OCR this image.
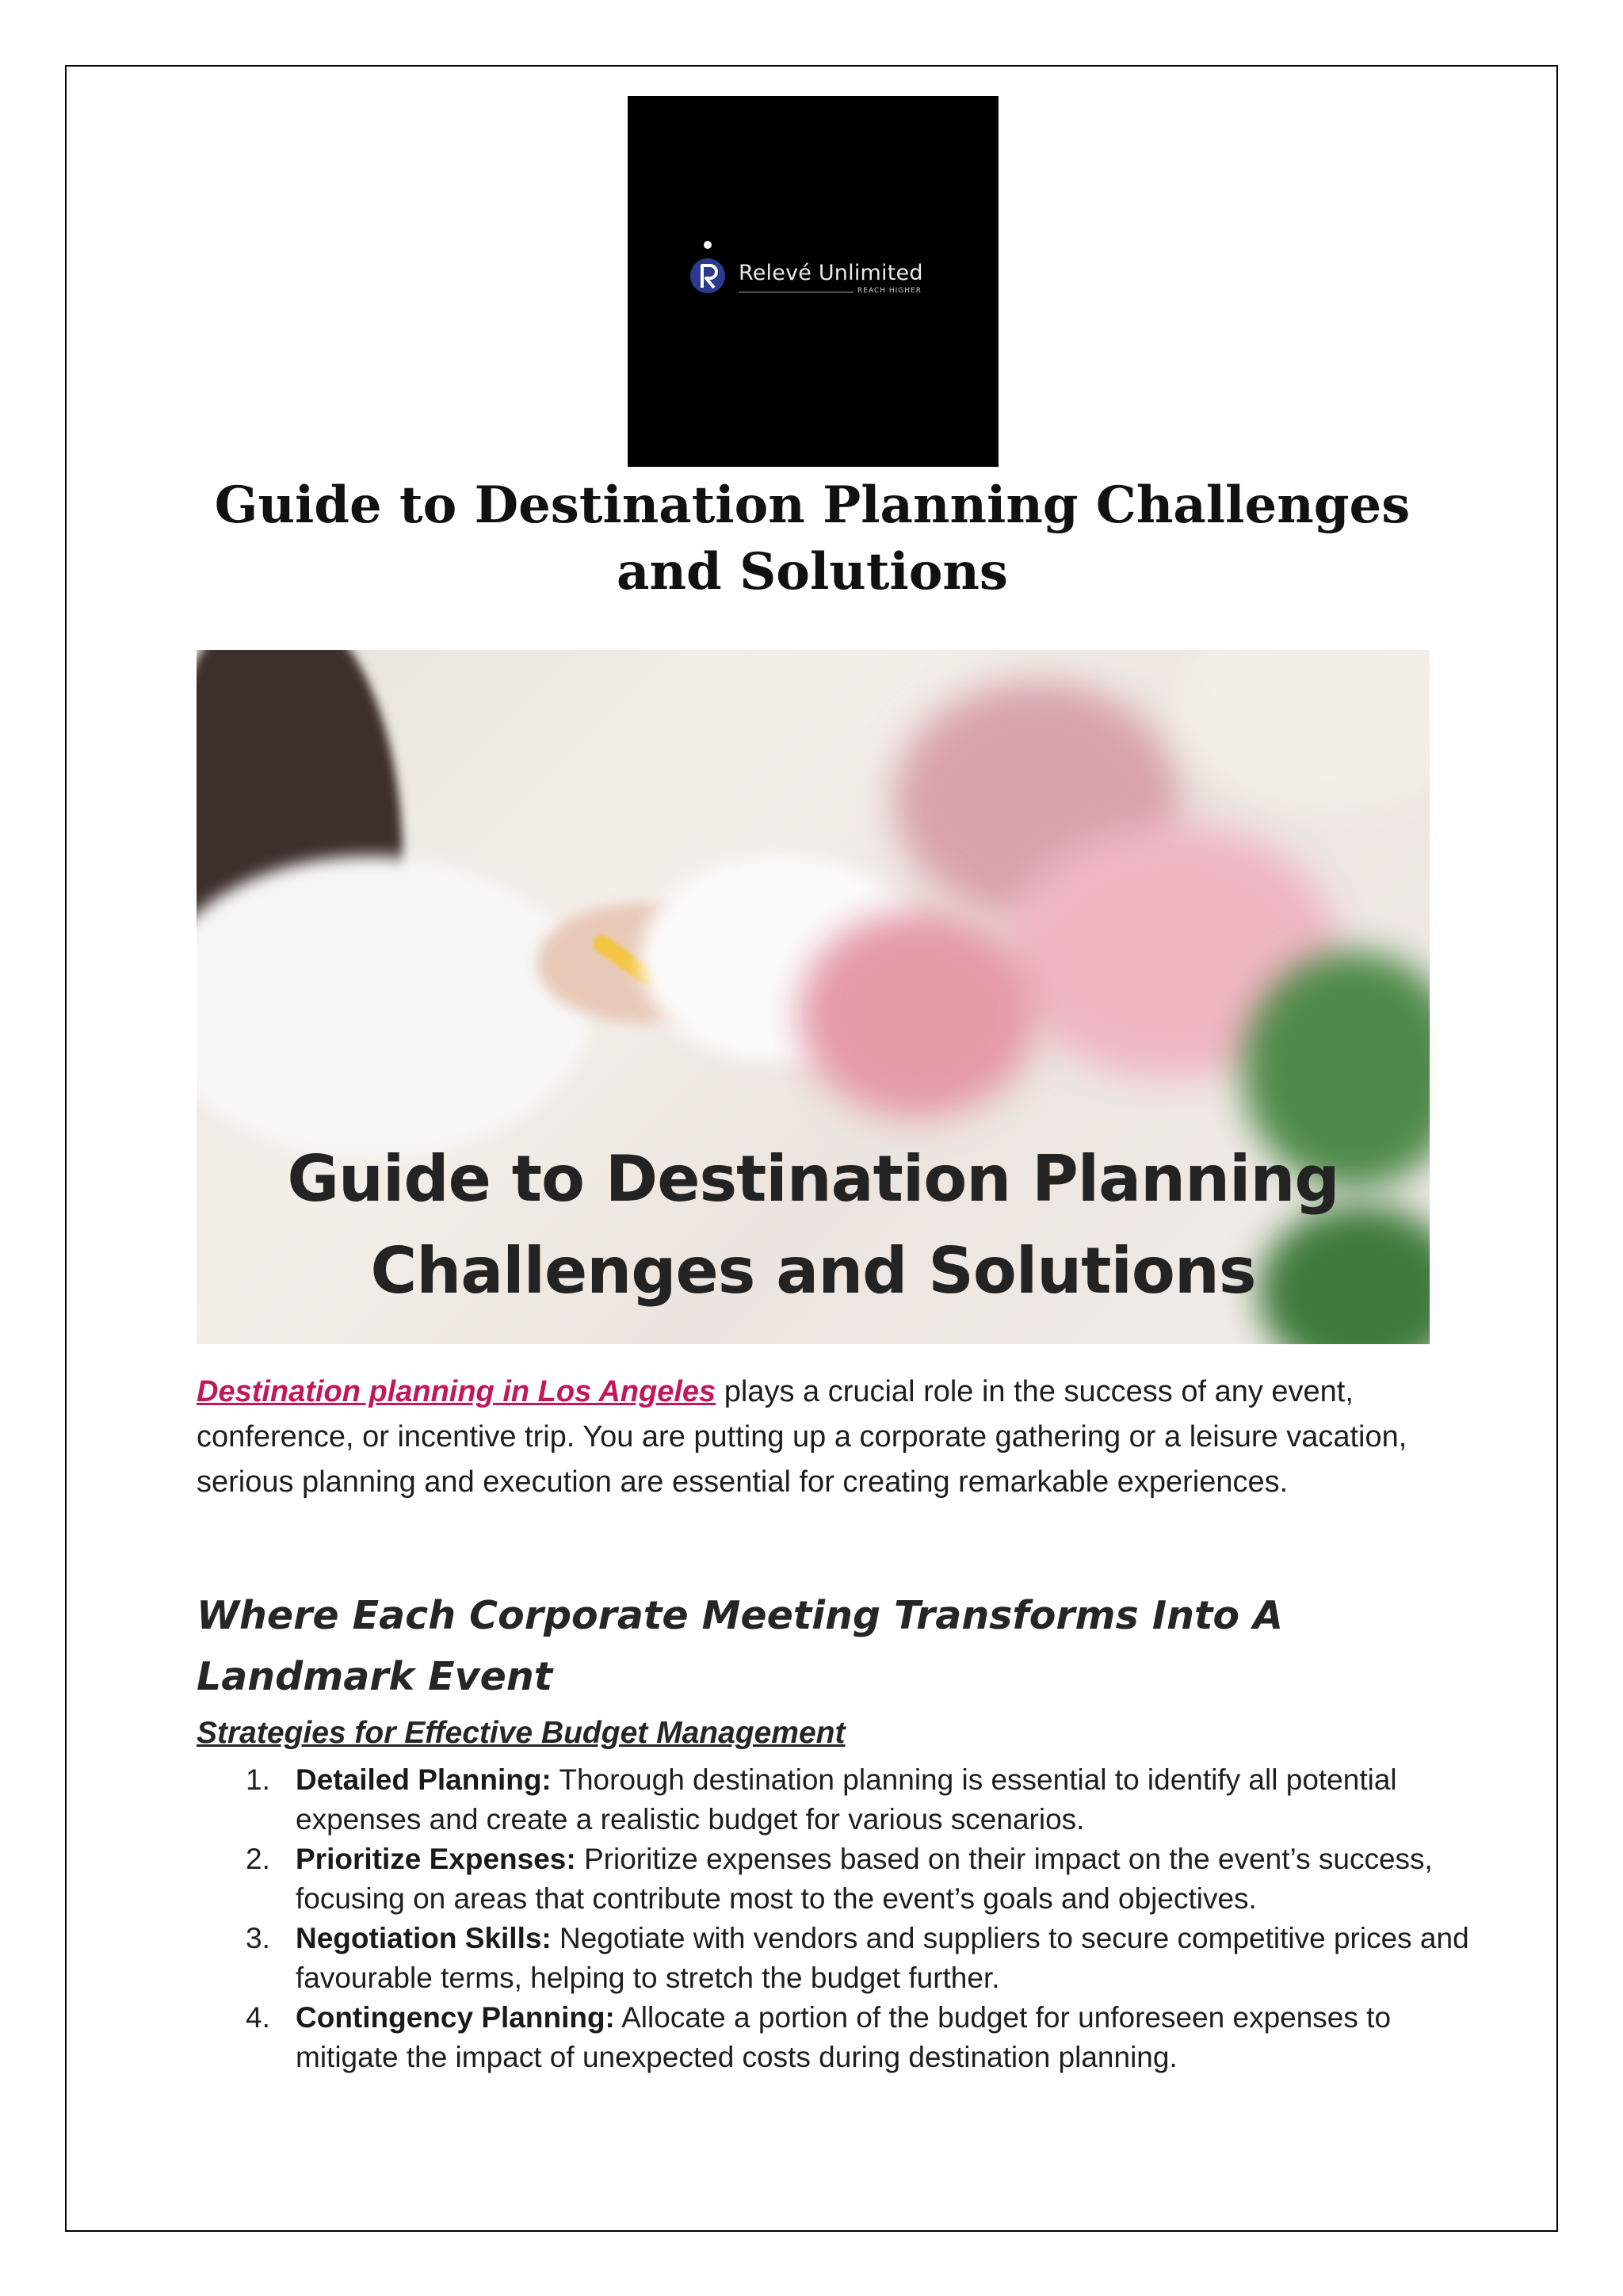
Relevé Unlimited
REACH HIGHER
Guide to Destination Planning Challenges and Solutions
Guide to Destination Planning
Challenges and Solutions

Destination planning in Los Angeles plays a crucial role in the success of any event, conference, or incentive trip. You are putting up a corporate gathering or a leisure vacation, serious planning and execution are essential for creating remarkable experiences.

Where Each Corporate Meeting Transforms Into A Landmark Event
Strategies for Effective Budget Management
1. Detailed Planning: Thorough destination planning is essential to identify all potential expenses and create a realistic budget for various scenarios.
2. Prioritize Expenses: Prioritize expenses based on their impact on the event’s success, focusing on areas that contribute most to the event’s goals and objectives.
3. Negotiation Skills: Negotiate with vendors and suppliers to secure competitive prices and favourable terms, helping to stretch the budget further.
4. Contingency Planning: Allocate a portion of the budget for unforeseen expenses to mitigate the impact of unexpected costs during destination planning.
